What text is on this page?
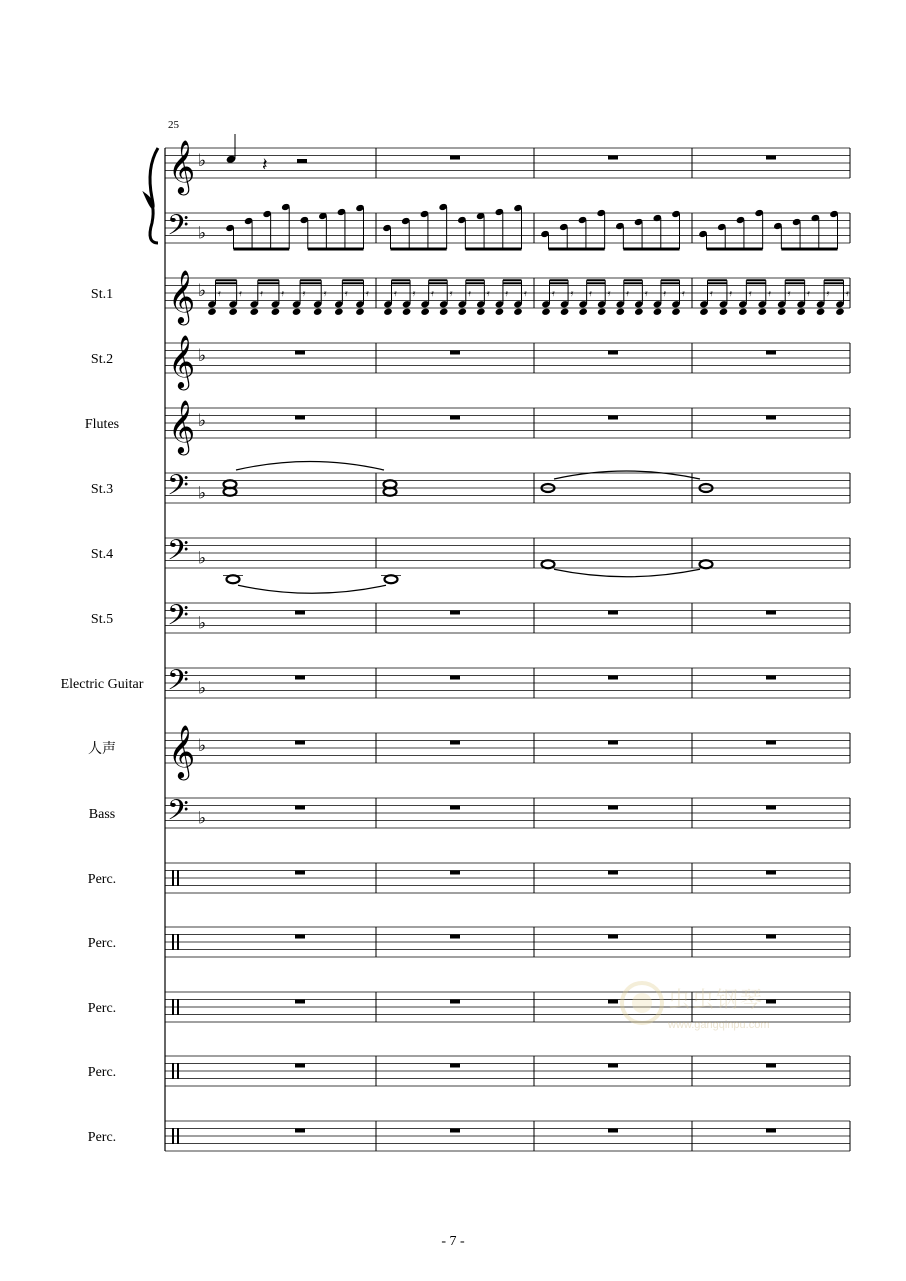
25
𝄞 ♭	𝄽
𝄢 ♭
St.1 𝄞 ♭ 𝄿 𝄿 𝄿 𝄿 𝄿 𝄿 𝄿 𝄿	𝄿 𝄿 𝄿 𝄿 𝄿 𝄿 𝄿 𝄿	𝄿 𝄿 𝄿 𝄿 𝄿 𝄿 𝄿 𝄿	𝄿 𝄿 𝄿 𝄿 𝄿 𝄿 𝄿 𝄿
St.2 𝄞 ♭
Flutes 𝄞 ♭
St.3 𝄢 ♭
St.4 𝄢 ♭
St.5 𝄢 ♭
Electric Guitar 𝄢 ♭
人声 𝄞 ♭
Bass 𝄢 ♭
Perc.
Perc.
Perc.
Perc.
Perc.
虫虫钢琴
www.gangqinpu.com
- 7 -
